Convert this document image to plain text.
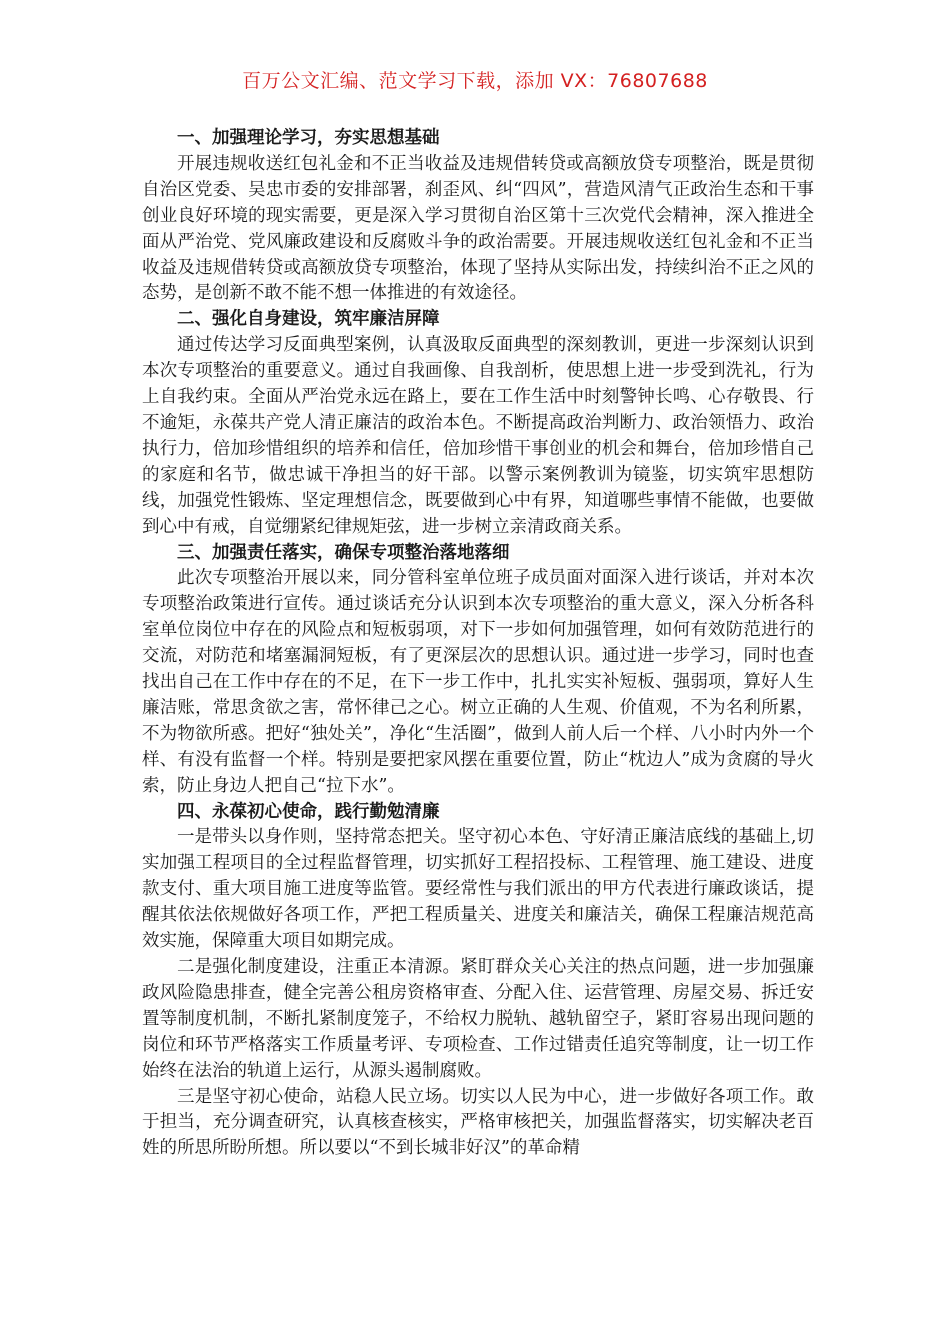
百万公文汇编、范文学习下载，添加 VX：76807688
一、加强理论学习，夯实思想基础

开展违规收送红包礼金和不正当收益及违规借转贷或高额放贷专项整治，既是贯彻自治区党委、吴忠市委的安排部署，刹歪风、纠“四风”，营造风清气正政治生态和干事创业良好环境的现实需要，更是深入学习贯彻自治区第十三次党代会精神，深入推进全面从严治党、党风廉政建设和反腐败斗争的政治需要。开展违规收送红包礼金和不正当收益及违规借转贷或高额放贷专项整治，体现了坚持从实际出发，持续纠治不正之风的态势，是创新不敢不能不想一体推进的有效途径。

二、强化自身建设，筑牢廉洁屏障

通过传达学习反面典型案例，认真汲取反面典型的深刻教训，更进一步深刻认识到本次专项整治的重要意义。通过自我画像、自我剖析，使思想上进一步受到洗礼，行为上自我约束。全面从严治党永远在路上，要在工作生活中时刻警钟长鸣、心存敬畏、行不逾矩，永葆共产党人清正廉洁的政治本色。不断提高政治判断力、政治领悟力、政治执行力，倍加珍惜组织的培养和信任，倍加珍惜干事创业的机会和舞台，倍加珍惜自己的家庭和名节，做忠诚干净担当的好干部。以警示案例教训为镜鉴，切实筑牢思想防线，加强党性锻炼、坚定理想信念，既要做到心中有界，知道哪些事情不能做，也要做到心中有戒，自觉绷紧纪律规矩弦，进一步树立亲清政商关系。

三、加强责任落实，确保专项整治落地落细

此次专项整治开展以来，同分管科室单位班子成员面对面深入进行谈话，并对本次专项整治政策进行宣传。通过谈话充分认识到本次专项整治的重大意义，深入分析各科室单位岗位中存在的风险点和短板弱项，对下一步如何加强管理，如何有效防范进行的交流，对防范和堵塞漏洞短板，有了更深层次的思想认识。通过进一步学习，同时也查找出自己在工作中存在的不足，在下一步工作中，扎扎实实补短板、强弱项，算好人生廉洁账，常思贪欲之害，常怀律己之心。树立正确的人生观、价值观，不为名利所累，不为物欲所惑。把好“独处关”，净化“生活圈”，做到人前人后一个样、八小时内外一个样、有没有监督一个样。特别是要把家风摆在重要位置，防止“枕边人”成为贪腐的导火索，防止身边人把自己“拉下水”。

四、永葆初心使命，践行勤勉清廉

一是带头以身作则，坚持常态把关。坚守初心本色、守好清正廉洁底线的基础上,切实加强工程项目的全过程监督管理，切实抓好工程招投标、工程管理、施工建设、进度款支付、重大项目施工进度等监管。要经常性与我们派出的甲方代表进行廉政谈话，提醒其依法依规做好各项工作，严把工程质量关、进度关和廉洁关，确保工程廉洁规范高效实施，保障重大项目如期完成。

二是强化制度建设，注重正本清源。紧盯群众关心关注的热点问题，进一步加强廉政风险隐患排查，健全完善公租房资格审查、分配入住、运营管理、房屋交易、拆迁安置等制度机制，不断扎紧制度笼子，不给权力脱轨、越轨留空子，紧盯容易出现问题的岗位和环节严格落实工作质量考评、专项检查、工作过错责任追究等制度，让一切工作始终在法治的轨道上运行，从源头遏制腐败。

三是坚守初心使命，站稳人民立场。切实以人民为中心，进一步做好各项工作。敢于担当，充分调查研究，认真核查核实，严格审核把关，加强监督落实，切实解决老百姓的所思所盼所想。所以要以“不到长城非好汉”的革命精
